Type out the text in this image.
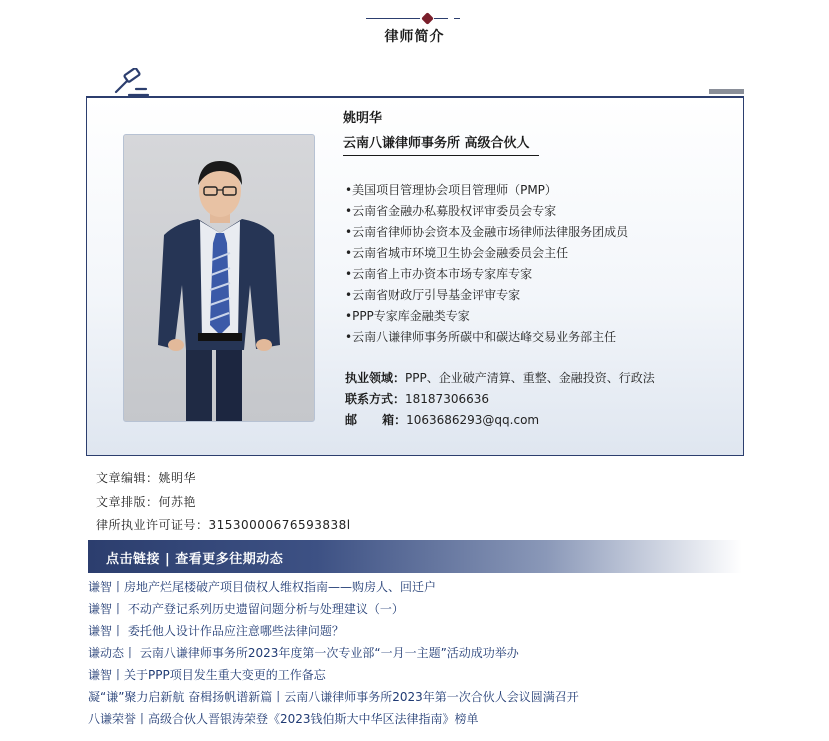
律师简介
姚明华
云南八谦律师事务所 高级合伙人
•美国项目管理协会项目管理师（PMP）
•云南省金融办私募股权评审委员会专家
•云南省律师协会资本及金融市场律师法律服务团成员
•云南省城市环境卫生协会金融委员会主任
•云南省上市办资本市场专家库专家
•云南省财政厅引导基金评审专家
•PPP专家库金融类专家
•云南八谦律师事务所碳中和碳达峰交易业务部主任
执业领域：PPP、企业破产清算、重整、金融投资、行政法
联系方式：18187306636
邮      箱：1063686293@qq.com
文章编辑：姚明华
文章排版：何苏艳
律所执业许可证号：31530000676593838l
点击链接 | 查看更多往期动态
谦智丨房地产烂尾楼破产项目债权人维权指南——购房人、回迁户
谦智丨 不动产登记系列历史遗留问题分析与处理建议（一）
谦智丨 委托他人设计作品应注意哪些法律问题？
谦动态丨 云南八谦律师事务所2023年度第一次专业部“一月一主题”活动成功举办
谦智丨关于PPP项目发生重大变更的工作备忘
凝“谦”聚力启新航 奋楫扬帆谱新篇丨云南八谦律师事务所2023年第一次合伙人会议圆满召开
八谦荣誉丨高级合伙人晋银涛荣登《2023钱伯斯大中华区法律指南》榜单
